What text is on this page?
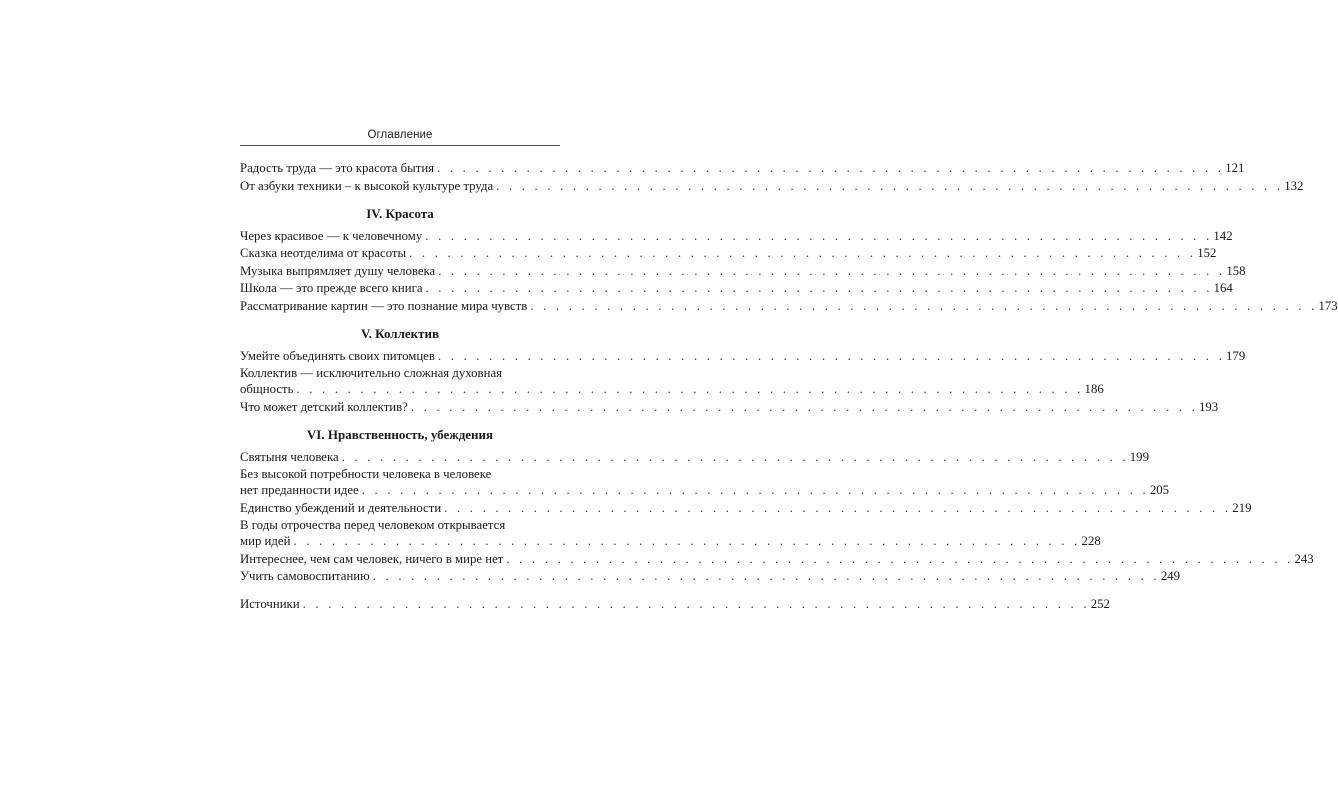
Оглавление
Радость труда — это красота бытия . . .	121
От азбуки техники – к высокой культуре труда . . .	132
IV. Красота
Через красивое — к человечному . . .	142
Сказка неотделима от красоты . . .	152
Музыка выпрямляет душу человека . . .	158
Школа — это прежде всего книга . . .	164
Рассматривание картин — это познание мира чувств . . .	173
V. Коллектив
Умейте объединять своих питомцев . . .	179
Коллектив — исключительно сложная духовная
общность . . .	186
Что может детский коллектив? . . .	193
VI. Нравственность, убеждения
Святыня человека . . .	199
Без высокой потребности человека в человеке
нет преданности идее . . .	205
Единство убеждений и деятельности . . .	219
В годы отрочества перед человеком открывается
мир идей . . .	228
Интереснее, чем сам человек, ничего в мире нет . . .	243
Учить самовоспитанию . . .	249
Источники . . .	252
